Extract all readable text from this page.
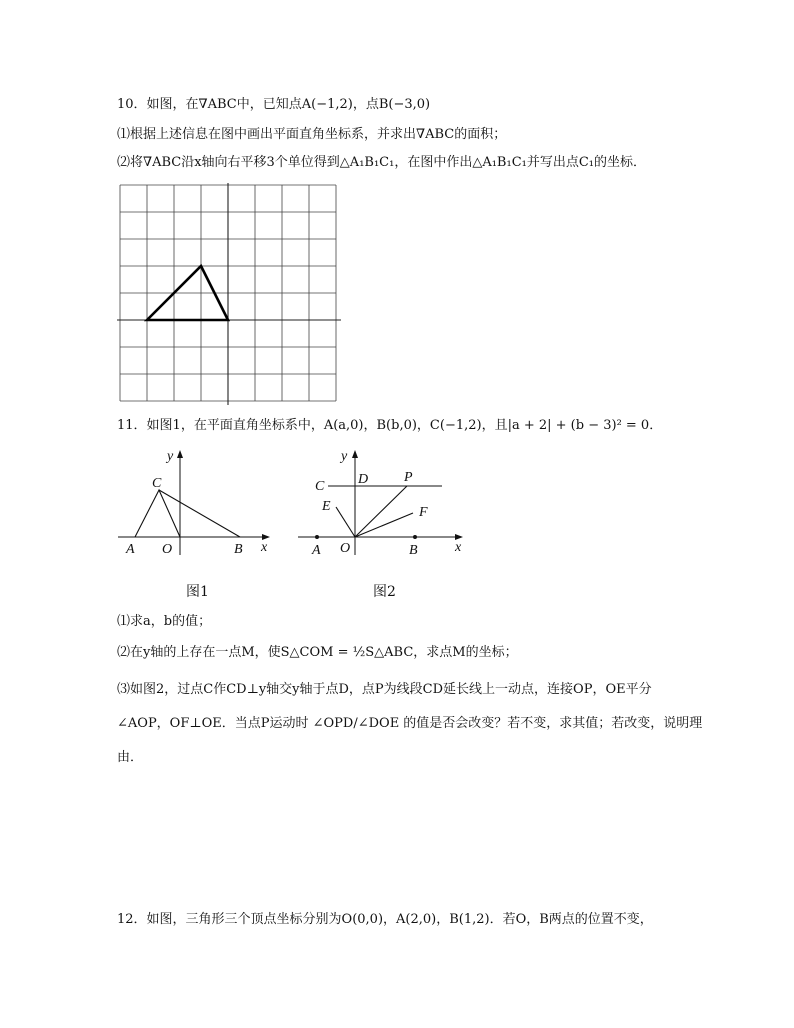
10．如图，在∇ABC中，已知点A(−1,2)，点B(−3,0)
⑴根据上述信息在图中画出平面直角坐标系，并求出∇ABC的面积；
⑵将∇ABC沿x轴向右平移3个单位得到△A₁B₁C₁，在图中作出△A₁B₁C₁并写出点C₁的坐标．
11．如图1，在平面直角坐标系中，A(a,0)，B(b,0)，C(−1,2)，且|a + 2| + (b − 3)² = 0．
y
x
C
A O	B
y
x
C D	P
E	F
A O	B
图1	图2
⑴求a，b的值；
⑵在y轴的上存在一点M，使S△COM = ½S△ABC，求点M的坐标；
⑶如图2，过点C作CD⊥y轴交y轴于点D，点P为线段CD延长线上一动点，连接OP，OE平分
∠AOP，OF⊥OE．当点P运动时 ∠OPD/∠DOE 的值是否会改变？若不变，求其值；若改变，说明理
由．
12．如图，三角形三个顶点坐标分别为O(0,0)，A(2,0)，B(1,2)．若O，B两点的位置不变，
